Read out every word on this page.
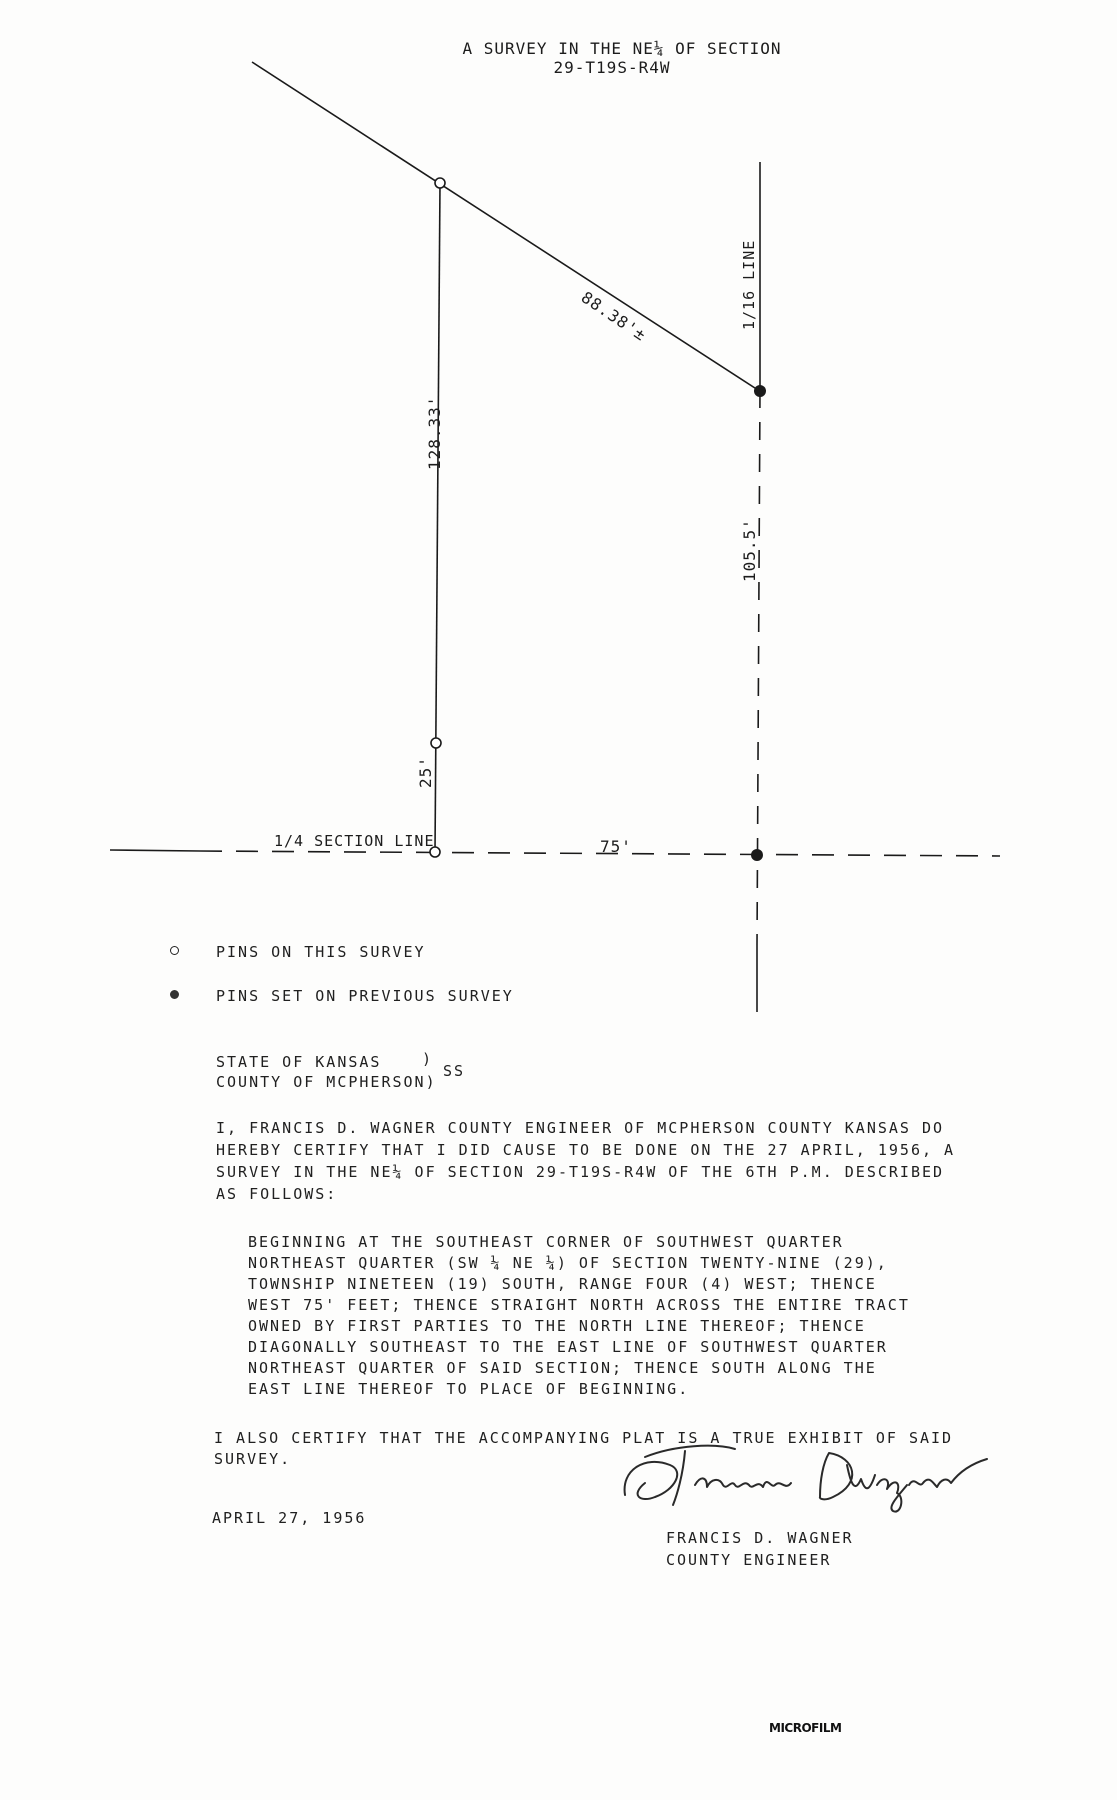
A SURVEY IN THE NE¼ OF SECTION
29-T19S-R4W
88.38'±
128.33'
105.5'
25'
75'
1/16 LINE
1/4 SECTION LINE

PINS ON THIS SURVEY

PINS SET ON PREVIOUS SURVEY

STATE OF KANSAS	)
COUNTY OF MCPHERSON)
SS
I, FRANCIS D. WAGNER COUNTY ENGINEER OF MCPHERSON COUNTY KANSAS DO
HEREBY CERTIFY THAT I DID CAUSE TO BE DONE ON THE 27 APRIL, 1956, A
SURVEY IN THE NE¼ OF SECTION 29-T19S-R4W OF THE 6TH P.M. DESCRIBED
AS FOLLOWS:
BEGINNING AT THE SOUTHEAST CORNER OF SOUTHWEST QUARTER
NORTHEAST QUARTER (SW ¼ NE ¼) OF SECTION TWENTY-NINE (29),
TOWNSHIP NINETEEN (19) SOUTH, RANGE FOUR (4) WEST; THENCE
WEST 75' FEET; THENCE STRAIGHT NORTH ACROSS THE ENTIRE TRACT
OWNED BY FIRST PARTIES TO THE NORTH LINE THEREOF; THENCE
DIAGONALLY SOUTHEAST TO THE EAST LINE OF SOUTHWEST QUARTER
NORTHEAST QUARTER OF SAID SECTION; THENCE SOUTH ALONG THE
EAST LINE THEREOF TO PLACE OF BEGINNING.
I ALSO CERTIFY THAT THE ACCOMPANYING PLAT IS A TRUE EXHIBIT OF SAID
SURVEY.
APRIL 27, 1956
FRANCIS D. WAGNER
COUNTY ENGINEER
MICROFILM
